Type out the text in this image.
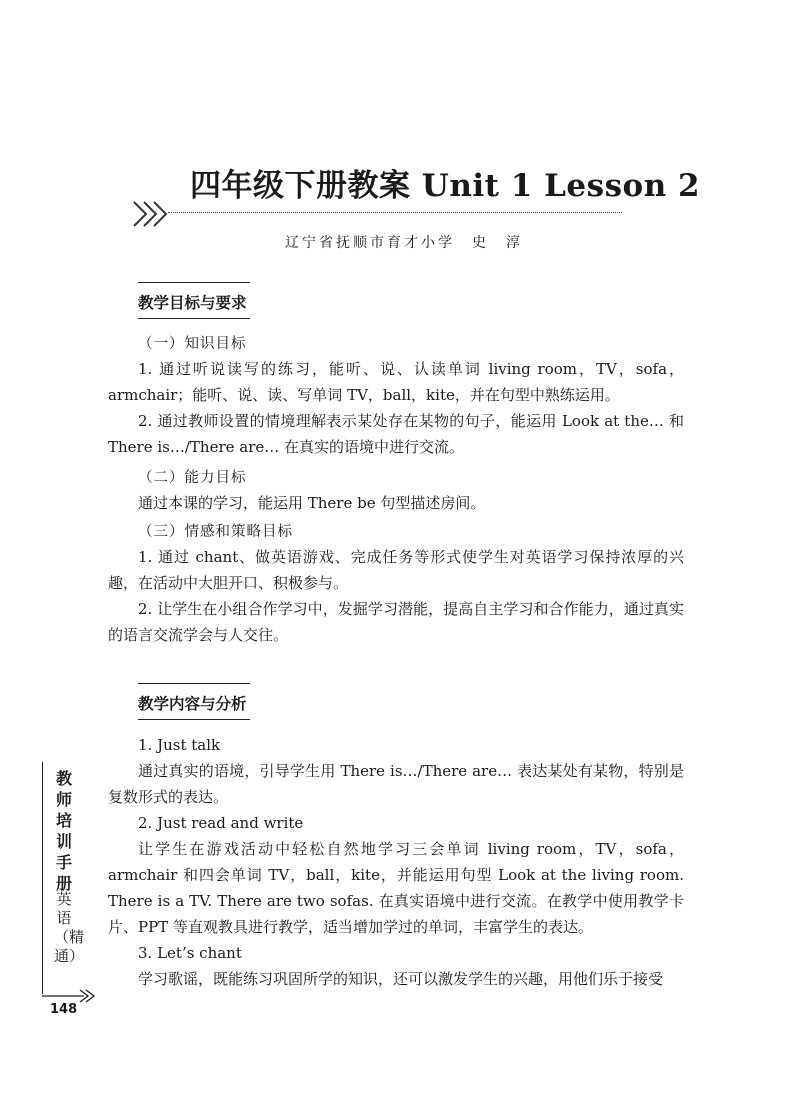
四年级下册教案 Unit 1 Lesson 2
辽宁省抚顺市育才小学　史　淳
教学目标与要求
（一）知识目标
1. 通过听说读写的练习，能听、说、认读单词 living room，TV，sofa，armchair；能听、说、读、写单词 TV，ball，kite，并在句型中熟练运用。
2. 通过教师设置的情境理解表示某处存在某物的句子，能运用 Look at the… 和 There is…/There are… 在真实的语境中进行交流。
（二）能力目标
通过本课的学习，能运用 There be 句型描述房间。
（三）情感和策略目标
1. 通过 chant、做英语游戏、完成任务等形式使学生对英语学习保持浓厚的兴趣，在活动中大胆开口、积极参与。
2. 让学生在小组合作学习中，发掘学习潜能，提高自主学习和合作能力，通过真实的语言交流学会与人交往。
教学内容与分析
1. Just talk
通过真实的语境，引导学生用 There is…/There are… 表达某处有某物，特别是复数形式的表达。
2. Just read and write
让学生在游戏活动中轻松自然地学习三会单词 living room，TV，sofa，armchair 和四会单词 TV，ball，kite，并能运用句型 Look at the living room. There is a TV. There are two sofas. 在真实语境中进行交流。在教学中使用教学卡片、PPT 等直观教具进行教学，适当增加学过的单词，丰富学生的表达。
3. Let’s chant
学习歌谣，既能练习巩固所学的知识，还可以激发学生的兴趣，用他们乐于接受
教师培训手册
英语（精通）
148
